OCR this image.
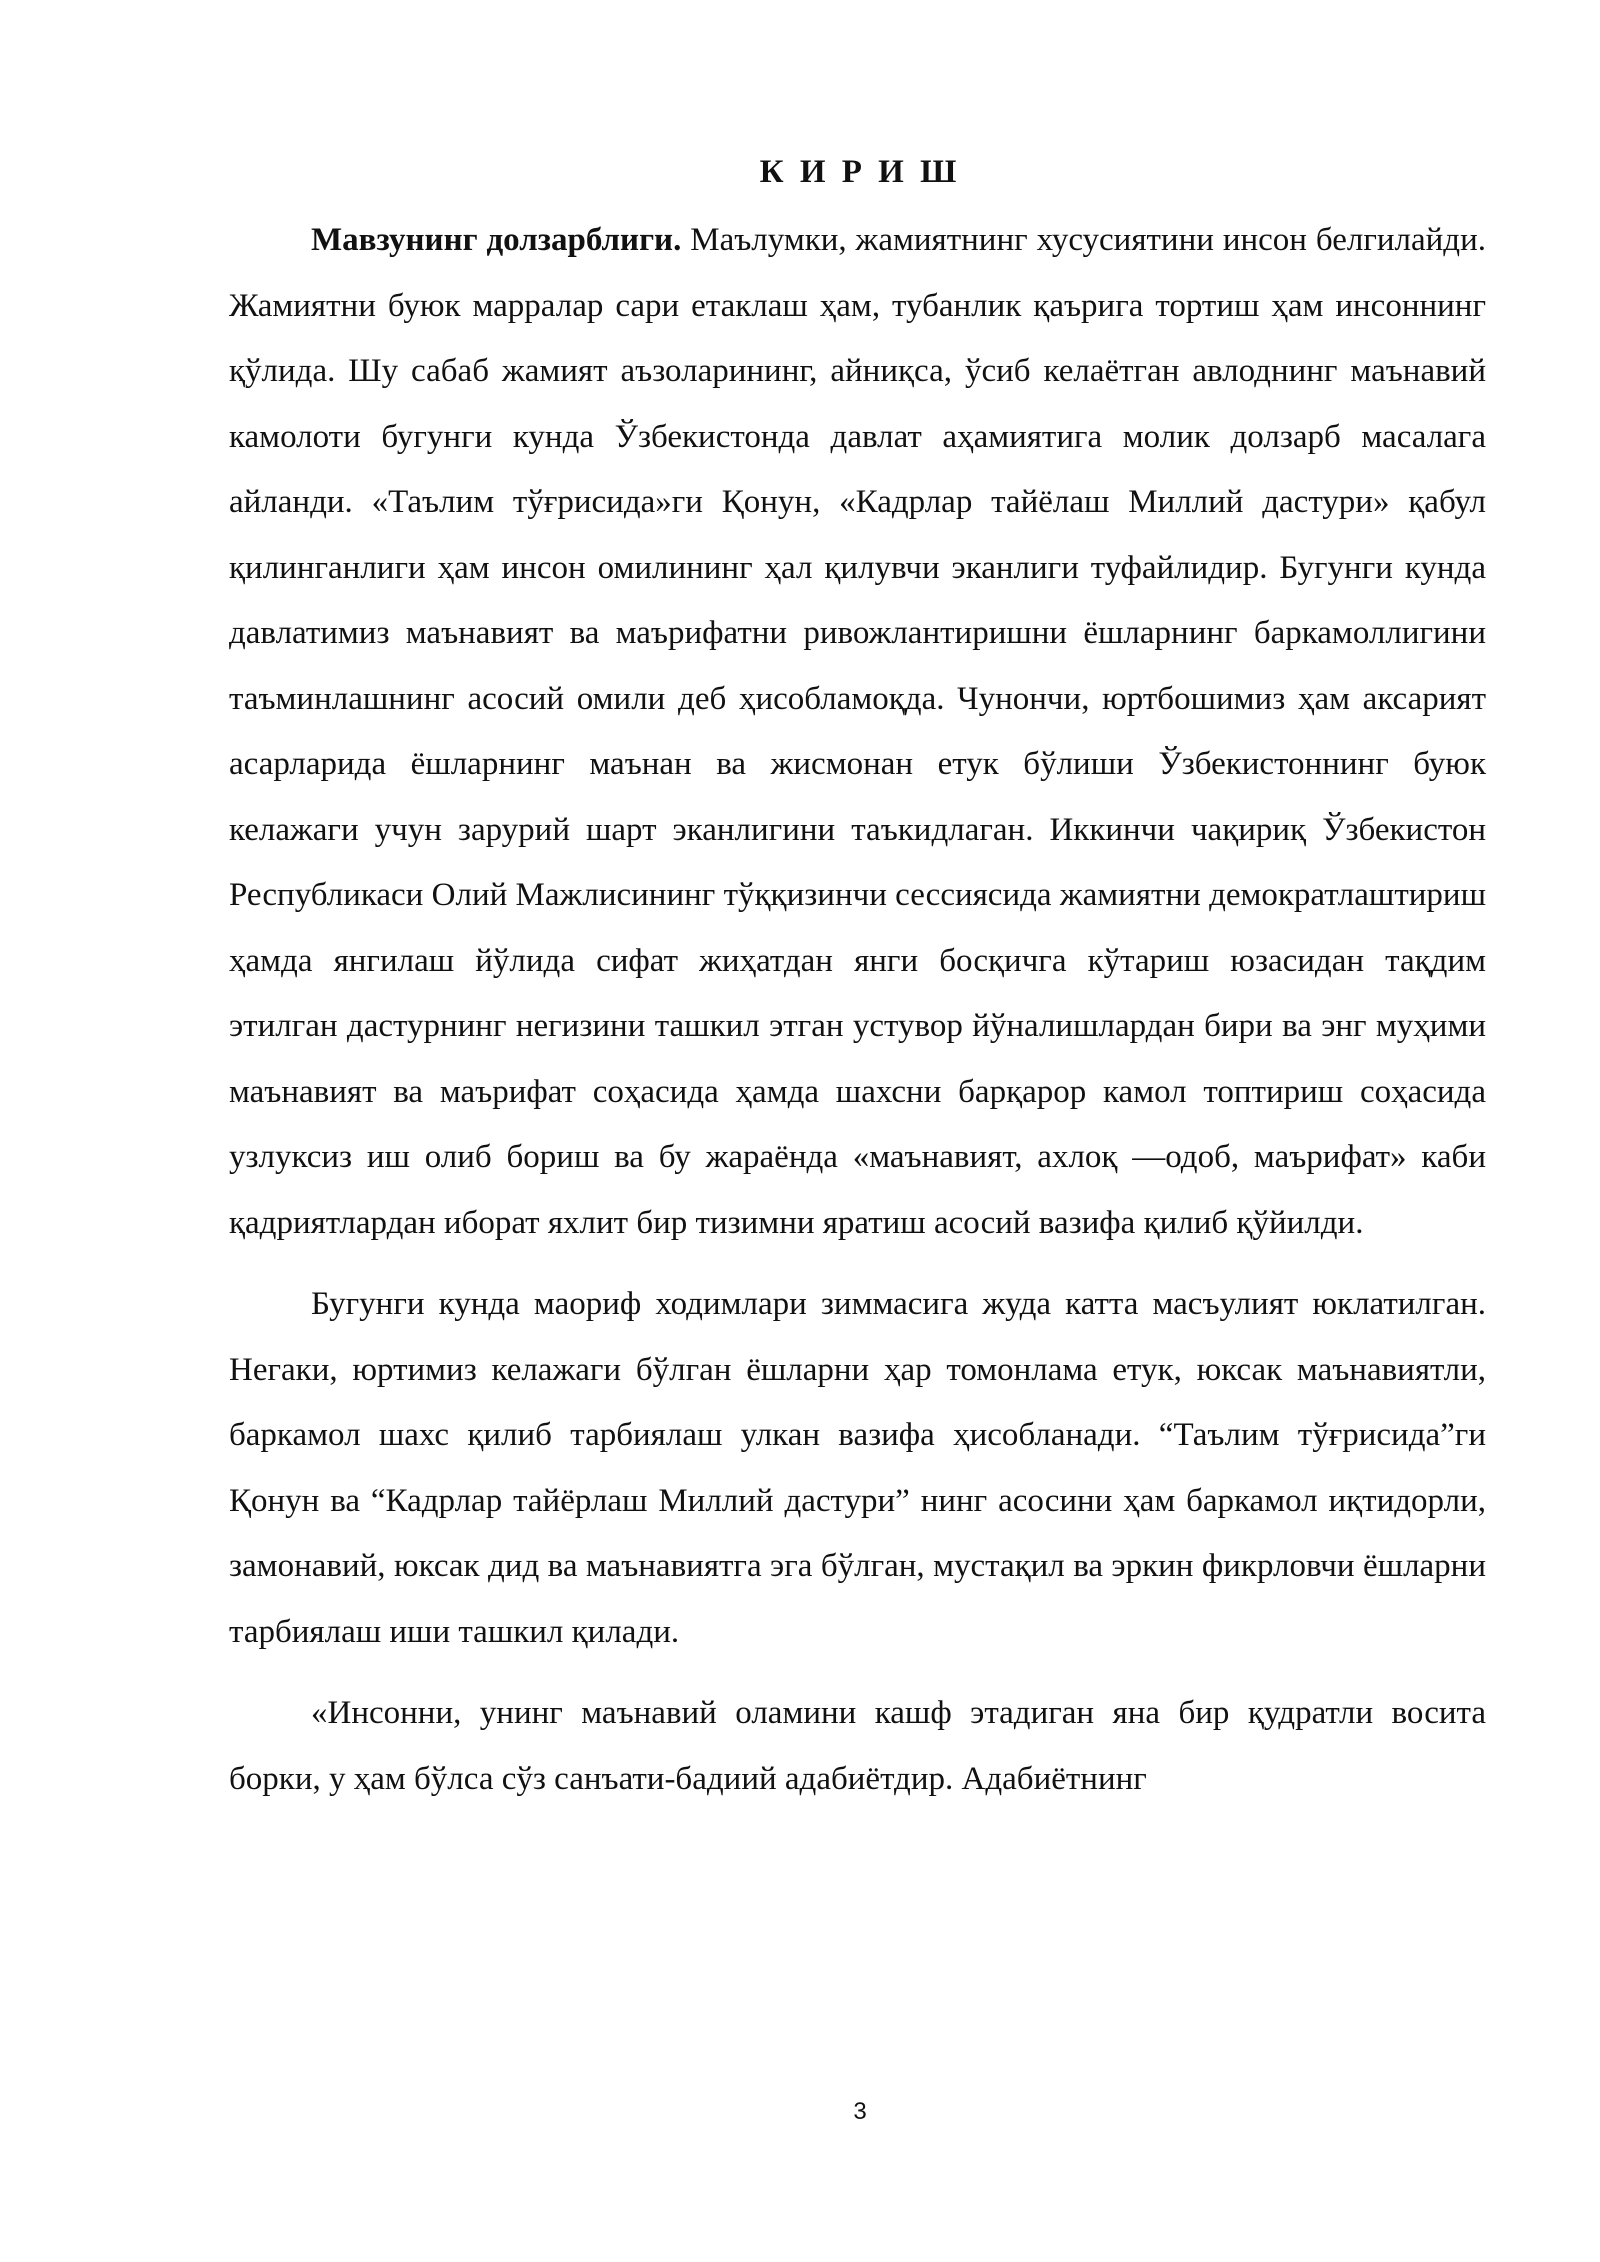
К И Р И Ш

Мавзунинг долзарблиги. Маълумки, жамиятнинг хусусиятини инсон белгилайди. Жамиятни буюк марралар сари етаклаш ҳам, тубанлик қаърига тортиш ҳам инсоннинг қўлида. Шу сабаб жамият аъзоларининг, айниқса, ўсиб келаётган авлоднинг маънавий камолоти бугунги кунда Ўзбекистонда давлат аҳамиятига молик долзарб масалага айланди. «Таълим тўғрисида»ги Қонун, «Кадрлар тайёлаш Миллий дастури» қабул қилинганлиги ҳам инсон омилининг ҳал қилувчи эканлиги туфайлидир. Бугунги кунда давлатимиз маънавият ва маърифатни ривожлантиришни ёшларнинг баркамоллигини таъминлашнинг асосий омили деб ҳисобламоқда. Чунончи, юртбошимиз ҳам аксарият асарларида ёшларнинг маънан ва жисмонан етук бўлиши Ўзбекистоннинг буюк келажаги учун зарурий шарт эканлигини таъкидлаган. Иккинчи чақириқ Ўзбекистон Республикаси Олий Мажлисининг тўққизинчи сессиясида жамиятни демократлаштириш ҳамда янгилаш йўлида сифат жиҳатдан янги босқичга кўтариш юзасидан тақдим этилган дастурнинг негизини ташкил этган устувор йўналишлардан бири ва энг муҳими маънавият ва маърифат соҳасида ҳамда шахсни барқарор камол топтириш соҳасида узлуксиз иш олиб бориш ва бу жараёнда «маънавият, ахлоқ —одоб, маърифат» каби қадриятлардан иборат яхлит бир тизимни яратиш асосий вазифа қилиб қўйилди.

Бугунги кунда маориф ходимлари зиммасига жуда катта масъулият юклатилган. Негаки, юртимиз келажаги бўлган ёшларни ҳар томонлама етук, юксак маънавиятли, баркамол шахс қилиб тарбиялаш улкан вазифа ҳисобланади. “Таълим тўғрисида”ги Қонун ва “Кадрлар тайёрлаш Миллий дастури” нинг асосини ҳам баркамол иқтидорли, замонавий, юксак дид ва маънавиятга эга бўлган, мустақил ва эркин фикрловчи ёшларни тарбиялаш иши ташкил қилади.

«Инсонни, унинг маънавий оламини кашф этадиган яна бир қудратли восита борки, у ҳам бўлса сўз санъати-бадиий адабиётдир. Адабиётнинг

3
